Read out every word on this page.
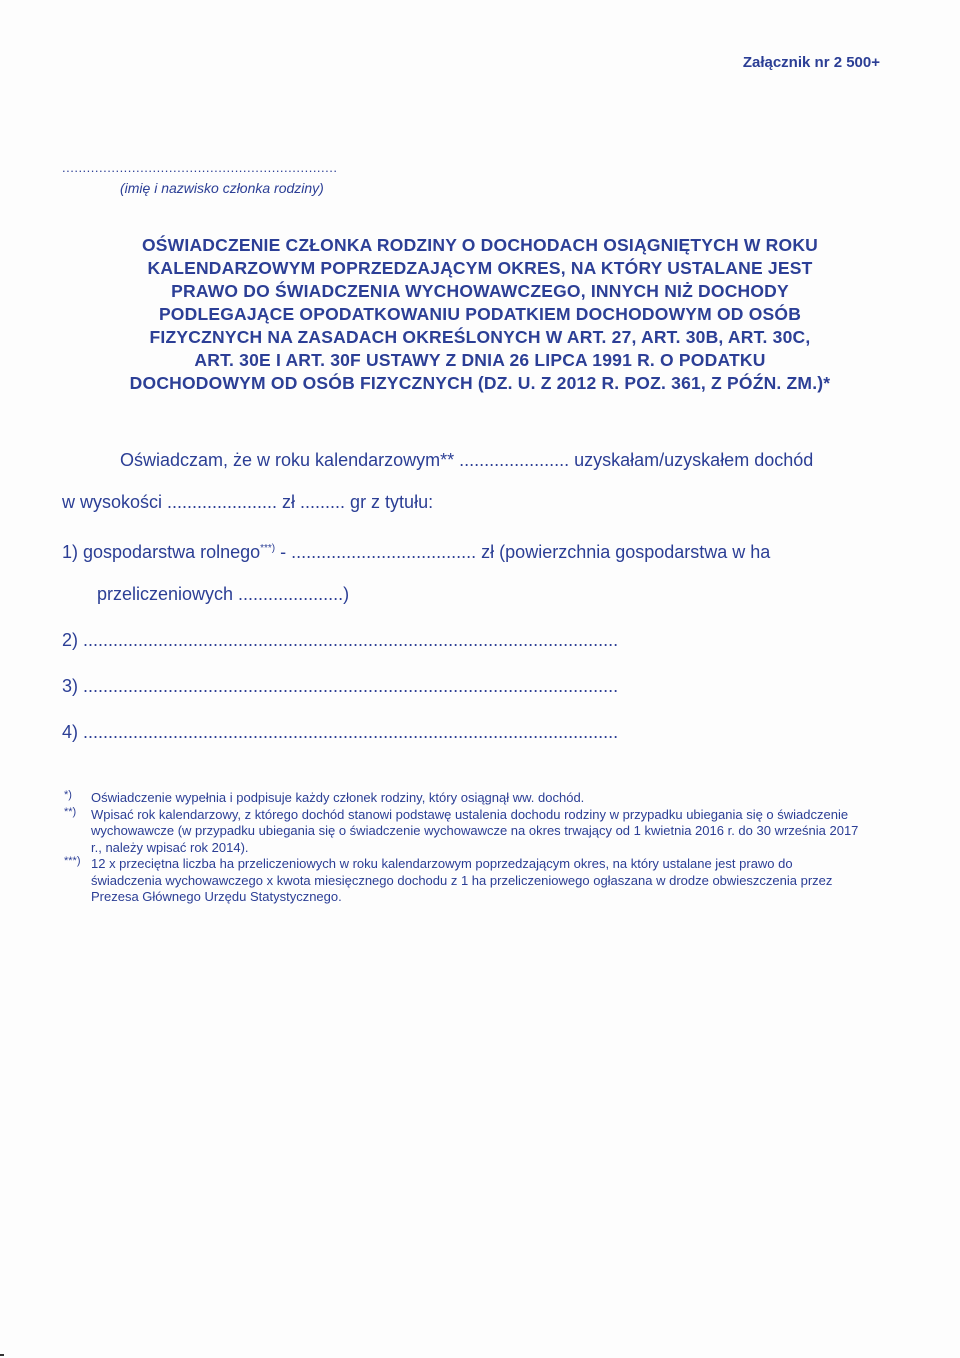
Załącznik nr 2 500+
...................................................................
(imię i nazwisko członka rodziny)
OŚWIADCZENIE CZŁONKA RODZINY O DOCHODACH OSIĄGNIĘTYCH W ROKU
KALENDARZOWYM POPRZEDZAJĄCYM OKRES, NA KTÓRY USTALANE JEST
PRAWO DO ŚWIADCZENIA WYCHOWAWCZEGO, INNYCH NIŻ DOCHODY
PODLEGAJĄCE OPODATKOWANIU PODATKIEM DOCHODOWYM OD OSÓB
FIZYCZNYCH NA ZASADACH OKREŚLONYCH W ART. 27, ART. 30B, ART. 30C,
ART. 30E I ART. 30F USTAWY Z DNIA 26 LIPCA 1991 R. O PODATKU
DOCHODOWYM OD OSÓB FIZYCZNYCH (DZ. U. Z 2012 R. POZ. 361, Z PÓŹN. ZM.)*
Oświadczam, że w roku kalendarzowym** ...................... uzyskałam/uzyskałem dochód
w wysokości ...................... zł ......... gr z tytułu:
1) gospodarstwa rolnego***) - ..................................... zł (powierzchnia gospodarstwa w ha
przeliczeniowych .....................)
2) ...........................................................................................................
3) ...........................................................................................................
4) ...........................................................................................................
*) Oświadczenie wypełnia i podpisuje każdy członek rodziny, który osiągnął ww. dochód.
**) Wpisać rok kalendarzowy, z którego dochód stanowi podstawę ustalenia dochodu rodziny w przypadku ubiegania się o świadczenie wychowawcze (w przypadku ubiegania się o świadczenie wychowawcze na okres trwający od 1 kwietnia 2016 r. do 30 września 2017 r., należy wpisać rok 2014).
***) 12 x przeciętna liczba ha przeliczeniowych w roku kalendarzowym poprzedzającym okres, na który ustalane jest prawo do świadczenia wychowawczego x kwota miesięcznego dochodu z 1 ha przeliczeniowego ogłaszana w drodze obwieszczenia przez Prezesa Głównego Urzędu Statystycznego.
